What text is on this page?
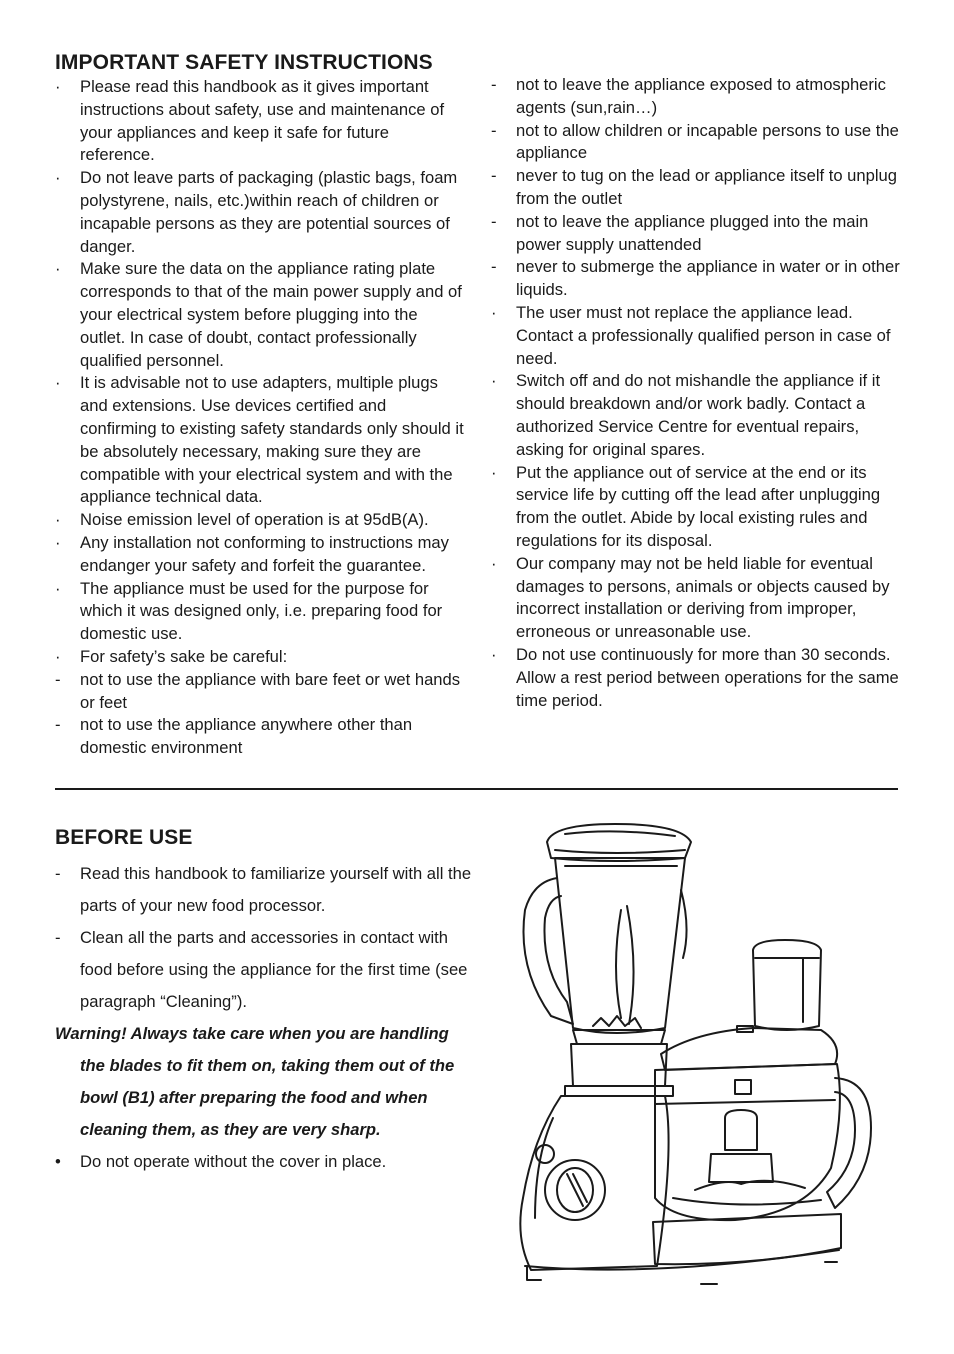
IMPORTANT SAFETY INSTRUCTIONS
·	Please read this handbook as it gives important instructions about safety, use and maintenance of your appliances and keep it safe for future reference.
·	Do not leave parts of packaging (plastic bags, foam polystyrene, nails, etc.)within reach of children or incapable persons as they are potential sources of danger.
·	Make sure the data on the appliance rating plate corresponds to that of the main power supply and of your electrical system before plugging into the outlet. In case of doubt, contact professionally qualified personnel.
·	It is advisable not to use adapters, multiple plugs and extensions. Use devices certified and confirming to existing safety standards only should it be absolutely necessary, making sure they are compatible with your electrical system and with the appliance technical data.
·	Noise emission level of operation is at 95dB(A).
·	Any installation not conforming to instructions may endanger your safety and forfeit the guarantee.
·	The appliance must be used for the purpose for which it was designed only, i.e. preparing food for domestic use.
·	For safety’s sake be careful:
-	not to use the appliance with bare feet or wet hands or feet
-	not to use the appliance anywhere other than domestic environment
-	not to leave the appliance exposed to atmospheric agents (sun,rain…)
-	not to allow children or incapable persons to use the appliance
-	never to tug on the lead or appliance itself to unplug from the outlet
-	not to leave the appliance plugged into the main power supply unattended
-	never to submerge the appliance in water or in other liquids.
·	The user must not replace the appliance lead. Contact a professionally qualified person in case of need.
·	Switch off and do not mishandle the appliance if it should breakdown and/or work badly. Contact a authorized Service Centre for eventual repairs, asking for original spares.
·	Put the appliance out of service at the end or its service life by cutting off the lead after unplugging from the outlet. Abide by local existing rules and regulations for its disposal.
·	Our company may not be held liable for eventual damages to persons, animals or objects caused by incorrect installation or deriving from improper, erroneous or unreasonable use.
·	Do not use continuously for more than 30 seconds. Allow a rest period between operations for the same time period.
BEFORE USE
-	Read this handbook to familiarize yourself with all the parts of your new food processor.
-	Clean all the parts and accessories in contact with food before using the appliance for the first time (see paragraph “Cleaning”).
Warning! Always take care when you are handling the blades to fit them on, taking them out of the bowl (B1) after preparing the food and when cleaning them, as they are very sharp.
•	Do not operate without the cover in place.
